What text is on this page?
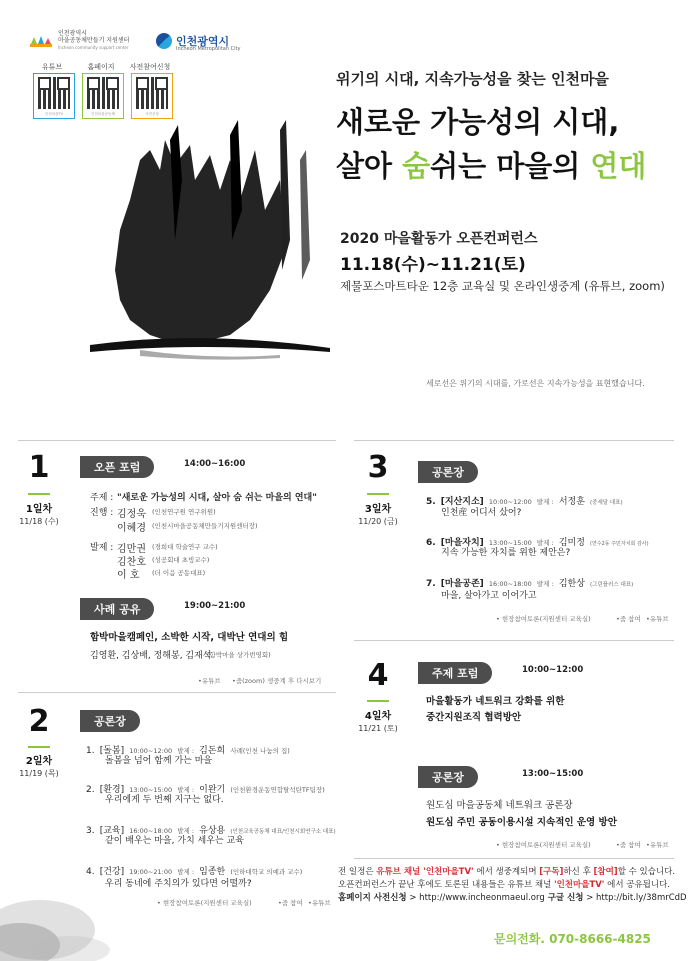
인천광역시
마을공동체만들기 지원센터
Incheon community support center	인천광역시
Incheon Metropolitan City
유튜브	홈페이지	사전참여신청
인천마을TV	인천마을공동체	사전신청
위기의 시대, 지속가능성을 찾는 인천마을
새로운 가능성의 시대,
살아 숨쉬는 마을의 연대
2020 마을활동가 오픈컨퍼런스
11.18(수)~11.21(토)
제물포스마트타운 12층 교육실 및 온라인생중계 (유튜브, zoom)
세로선은 위기의 시대를, 가로선은 지속가능성을 표현했습니다.
1
1일차
11/18 (수)
오픈 포럼	14:00~16:00
주제 : "새로운 가능성의 시대, 살아 숨 쉬는 마을의 연대"
진행 : 김정욱 (인천연구원 연구위원)
이혜경 (인천시마을공동체만들기지원센터장)
발제 : 김만권 (경희대 학술연구 교수)
김찬호 (성공회대 초빙교수)
이 호 (더 이음 공동대표)
사례 공유	19:00~21:00
함박마을캠페인, 소박한 시작, 대박난 연대의 힘
김영환, 김상배, 정해봉, 김재석
(함박마을 상가번영회)
•유튜브 •줌(zoom) 생중계 후 다시보기
2
2일차
11/19 (목)
공론장
1. [돌봄] 10:00~12:00 발제 : 김돈희 사례(인천 나눔의 집)
돌봄을 넘어 함께 가는 마을
2. [환경] 13:00~15:00 발제 : 이완기 (인천환경운동연합탈석탄TF팀장)
우리에게 두 번째 지구는 없다.
3. [교육] 16:00~18:00 발제 : 유상용 (인천교육공동체 대표/인천시회연구소 대표)
같이 배우는 마을, 가치 세우는 교육
4. [건강] 19:00~21:00 발제 : 임종한 (인하대학교 의예과 교수)
우리 동네에 주치의가 있다면 어떨까?
• 현장참여토론(지원센터 교육실)	•줌 참여 •유튜브
3
3일차
11/20 (금)
공론장
5. [지산지소] 10:00~12:00 발제 : 서정훈 (중세달 대표)
인천産 어디서 샀어?
6. [마을자치] 13:00~15:00 발제 : 김미정 (연수2동 주민자치회 감사)
지속 가능한 자치를 위한 제안은?
7. [마을공존] 16:00~18:00 발제 : 김한상 (그린플러스 대표)
마을, 살아가고 이어가고
• 현장참여토론(지원센터 교육실)	•줌 참여 •유튜브
4
4일차
11/21 (토)
주제 포럼	10:00~12:00
마을활동가 네트워크 강화를 위한
중간지원조직 협력방안
공론장	13:00~15:00
원도심 마을공동체 네트워크 공론장
원도심 주민 공동이용시설 지속적인 운영 방안
• 현장참여토론(지원센터 교육실)	•줌 참여 •유튜브
전 일정은 유튜브 채널 '인천마을TV' 에서 생중계되며 [구독]하신 후 [참여]할 수 있습니다.
오픈컨퍼런스가 끝난 후에도 토론된 내용들은 유튜브 채널 '인천마을TV' 에서 공유됩니다.
홈페이지 사전신청 > http://www.incheonmaeul.org 구글 신청 > http://bit.ly/38mrCdD
문의전화. 070-8666-4825
